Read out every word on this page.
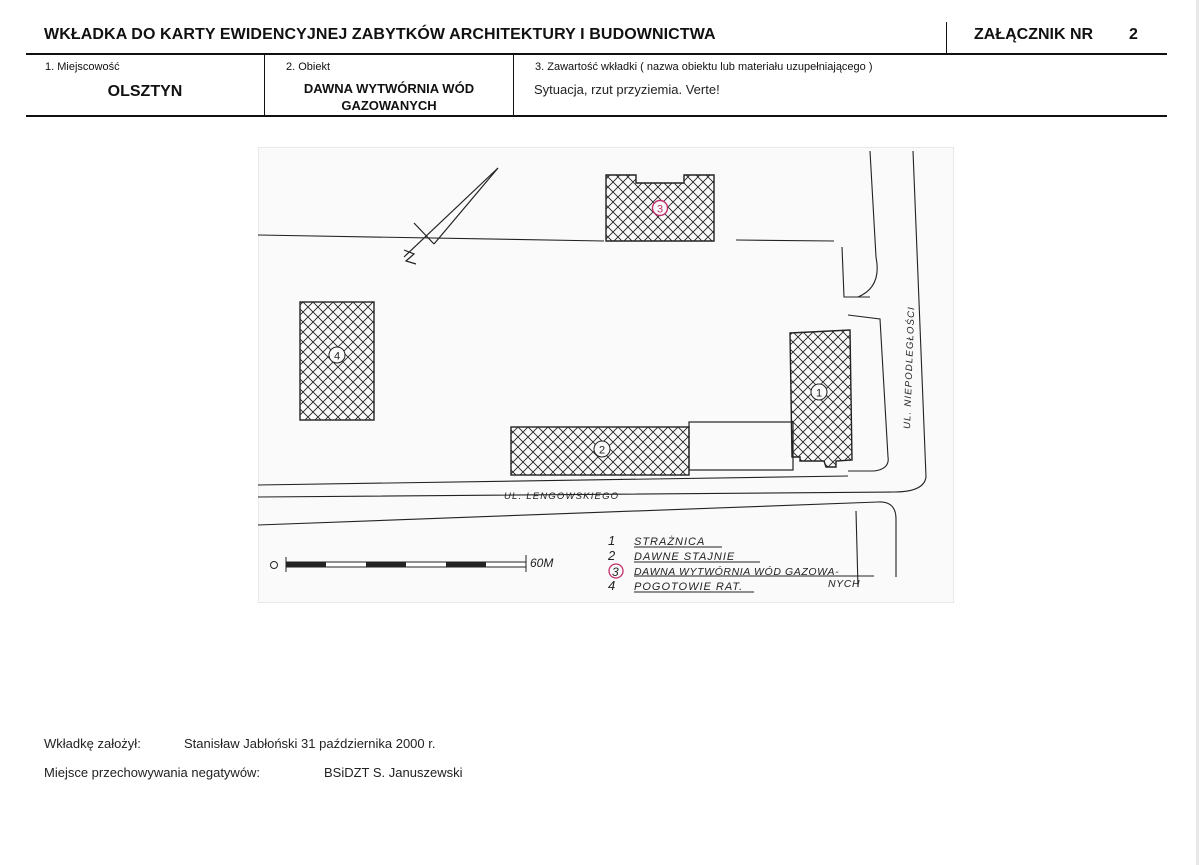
WKŁADKA DO KARTY EWIDENCYJNEJ ZABYTKÓW ARCHITEKTURY I BUDOWNICTWA	ZAŁĄCZNIK NR 2
1. Miejscowość
OLSZTYN
2. Obiekt
DAWNA WYTWÓRNIA WÓD
GAZOWANYCH
3. Zawartość wkładki ( nazwa obiektu lub materiału uzupełniającego )
Sytuacja, rzut przyziemia. Verte!
3
4
2
1	UL. NIEPODLEGŁOŚCI
UL. LENGOWSKIEGO
60M
1 STRAŻNICA
2 DAWNE STAJNIE
3 DAWNA WYTWÓRNIA WÓD GAZOWA-
NYCH
4 POGOTOWIE RAT.
Wkładkę założył:	Stanisław Jabłoński 31 października 2000 r.
Miejsce przechowywania negatywów:	BSiDZT S. Januszewski
